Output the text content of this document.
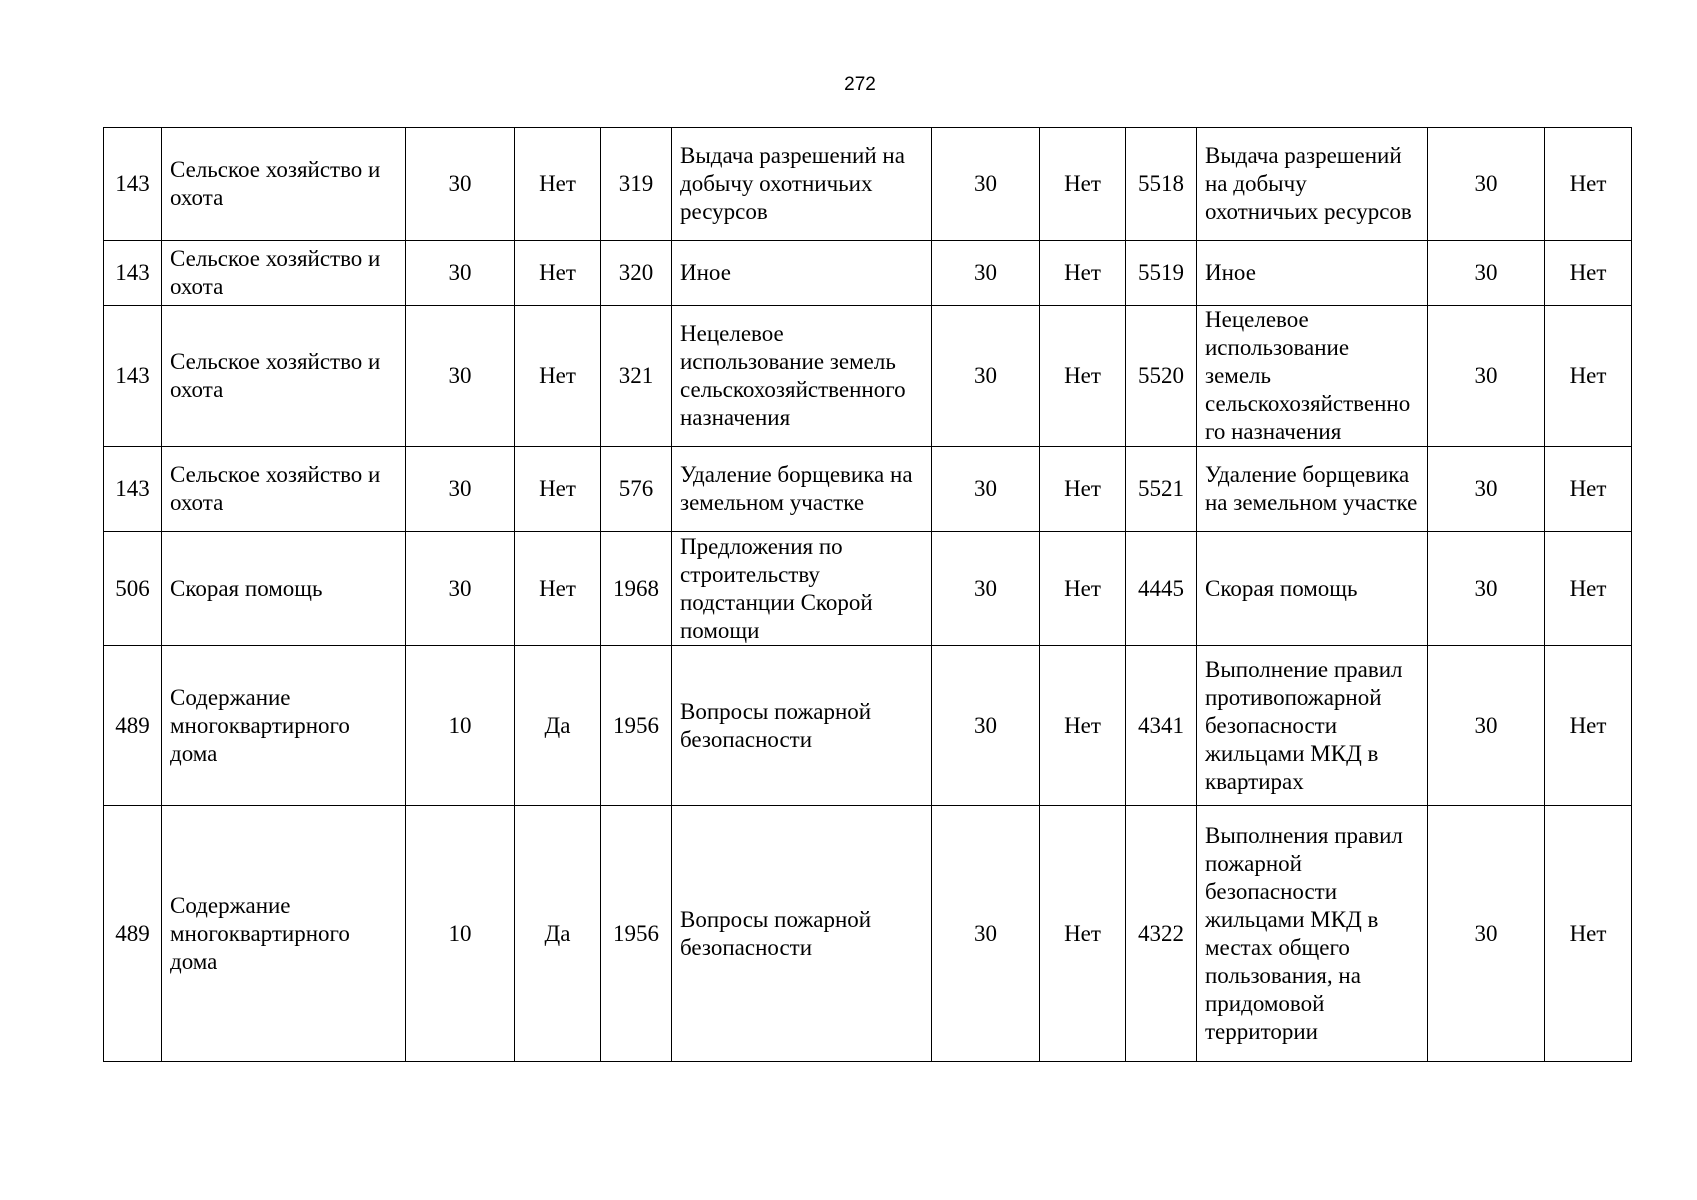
272
143	Сельское хозяйство и охота	30	Нет	319	Выдача разрешений на добычу охотничьих ресурсов	30	Нет	5518	Выдача разрешений на добычу охотничьих ресурсов	30	Нет
143	Сельское хозяйство и охота	30	Нет	320	Иное	30	Нет	5519	Иное	30	Нет
143	Сельское хозяйство и охота	30	Нет	321	Нецелевое использование земель сельскохозяйственного назначения	30	Нет	5520	Нецелевое использование земель сельскохозяйственного назначения	30	Нет
143	Сельское хозяйство и охота	30	Нет	576	Удаление борщевика на земельном участке	30	Нет	5521	Удаление борщевика на земельном участке	30	Нет
506	Скорая помощь	30	Нет	1968	Предложения по строительству подстанции Скорой помощи	30	Нет	4445	Скорая помощь	30	Нет
489	Содержание многоквартирного дома	10	Да	1956	Вопросы пожарной безопасности	30	Нет	4341	Выполнение правил противопожарной безопасности жильцами МКД в квартирах	30	Нет
489	Содержание многоквартирного дома	10	Да	1956	Вопросы пожарной безопасности	30	Нет	4322	Выполнения правил пожарной безопасности жильцами МКД в местах общего пользования, на придомовой территории	30	Нет
